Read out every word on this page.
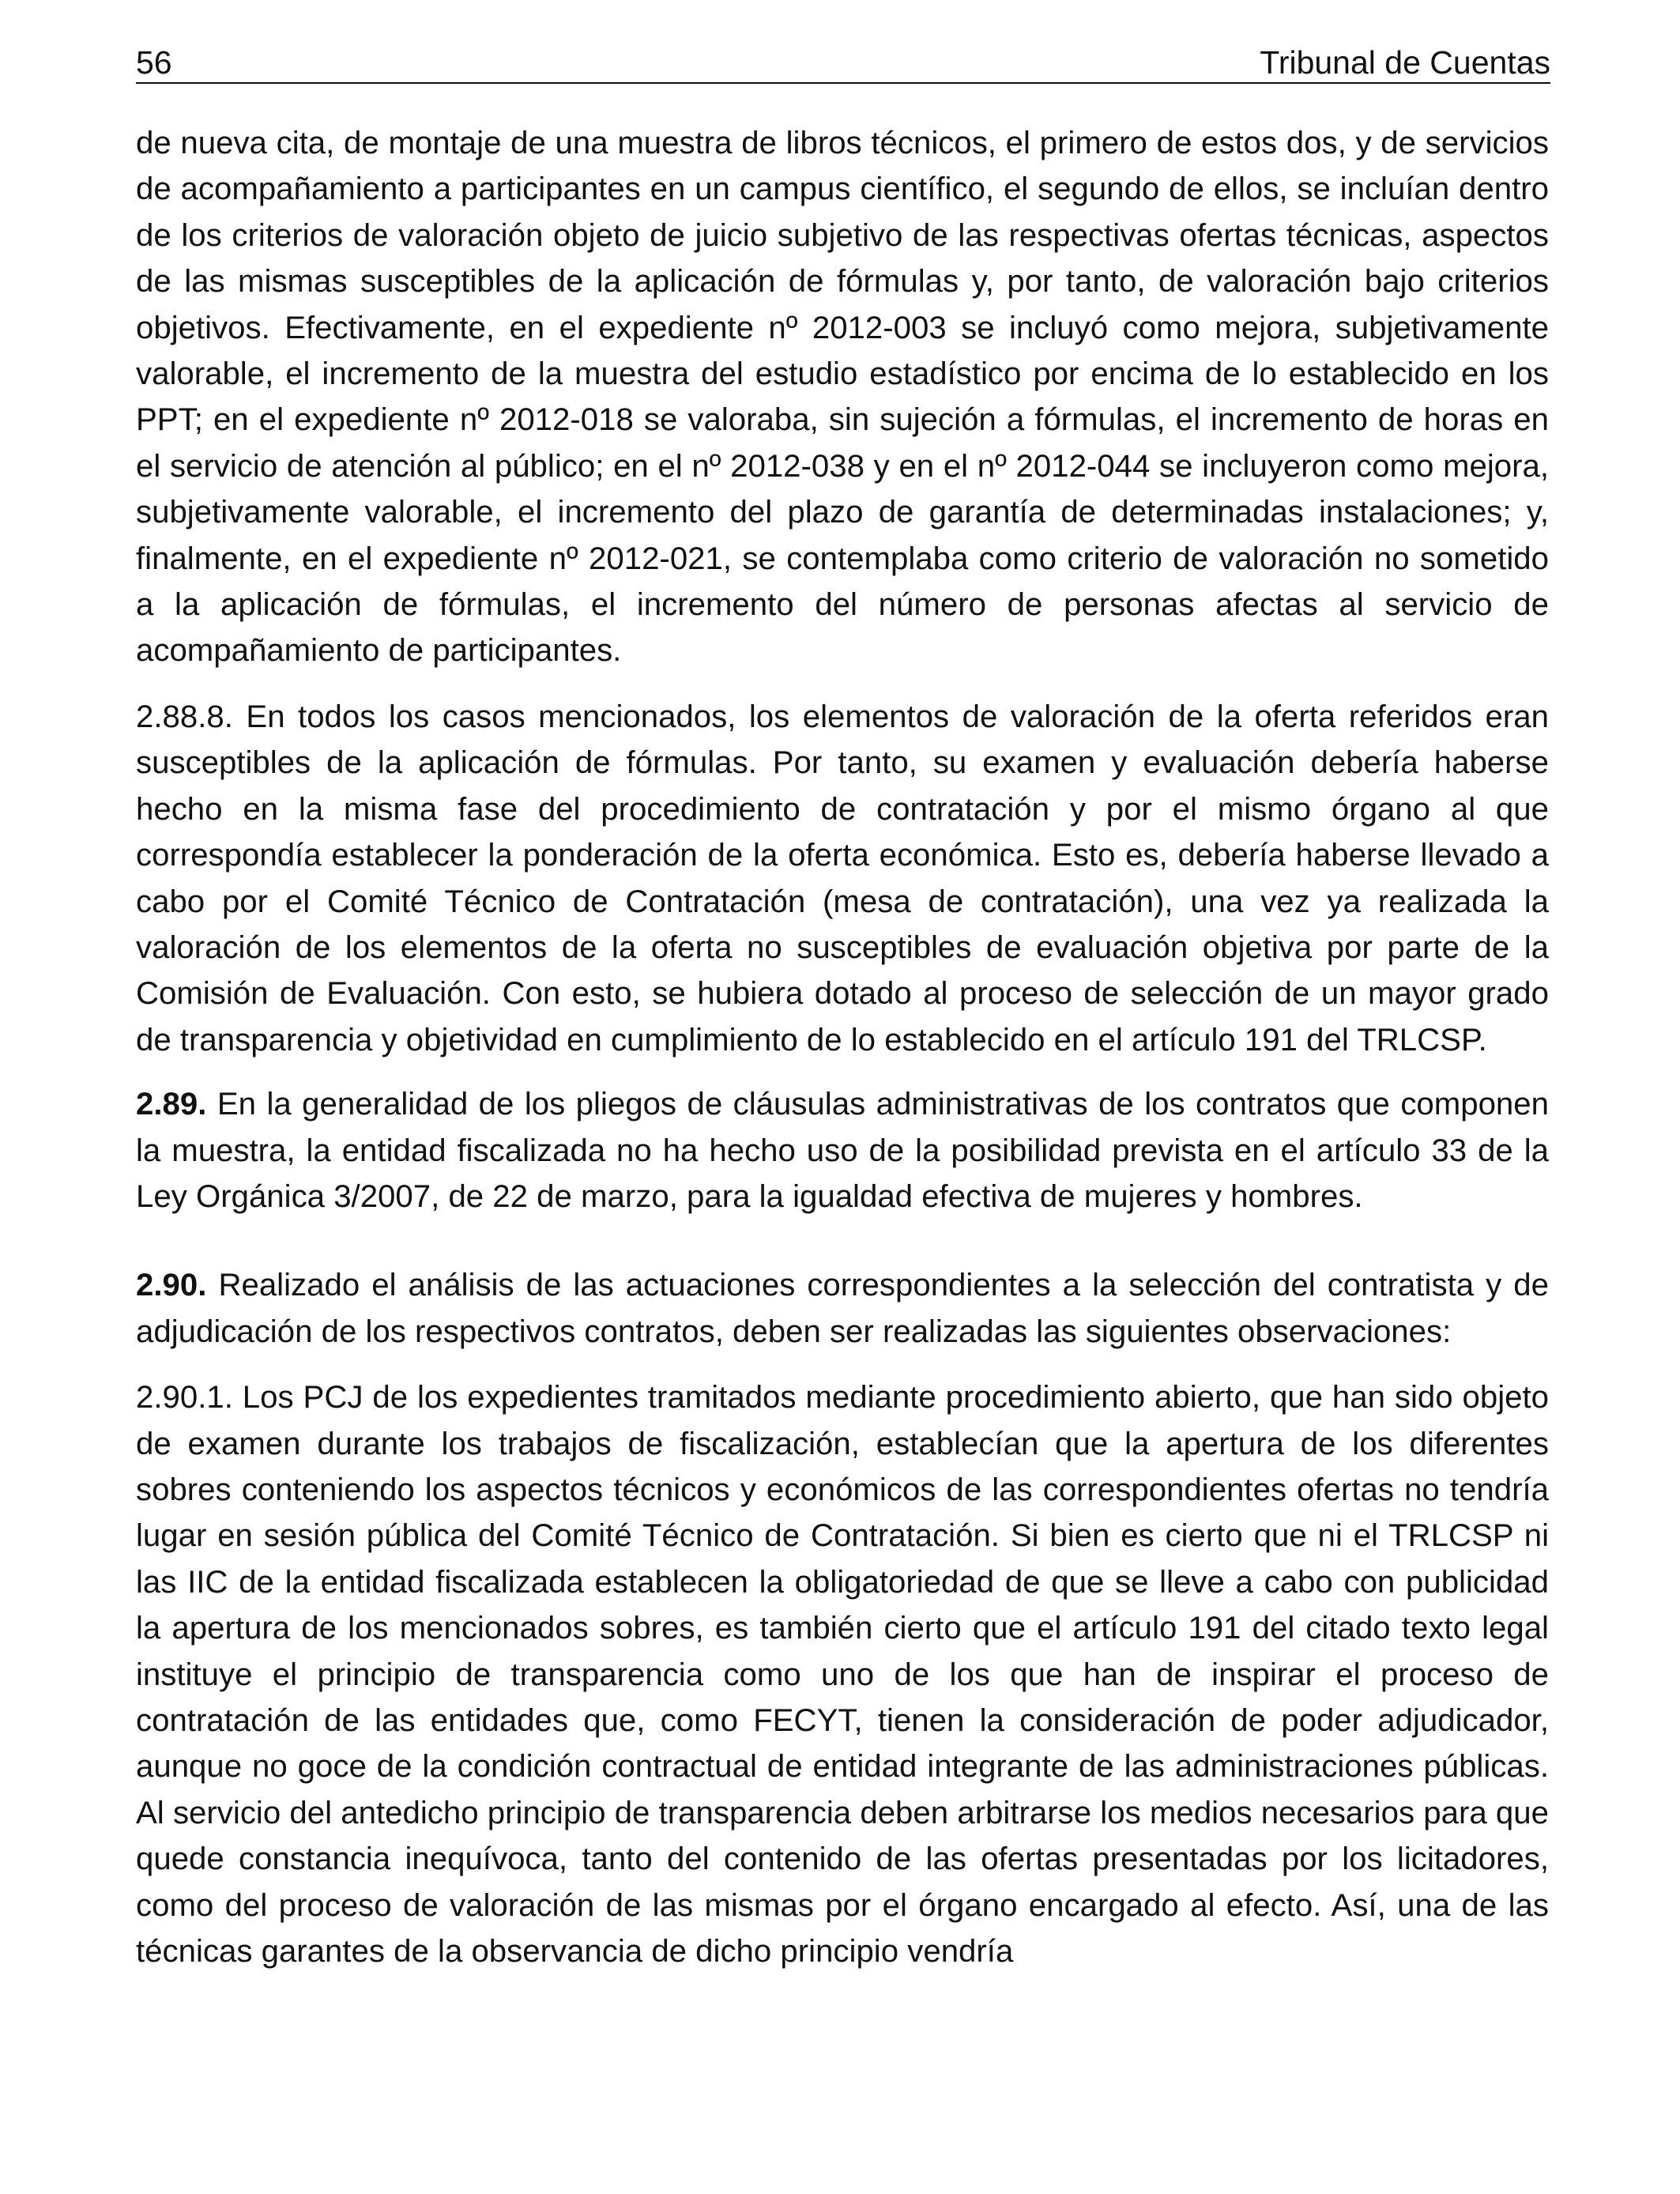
56	Tribunal de Cuentas

de nueva cita, de montaje de una muestra de libros técnicos, el primero de estos dos, y de servicios de acompañamiento a participantes en un campus científico, el segundo de ellos, se incluían dentro de los criterios de valoración objeto de juicio subjetivo de las respectivas ofertas técnicas, aspectos de las mismas susceptibles de la aplicación de fórmulas y, por tanto, de valoración bajo criterios objetivos. Efectivamente, en el expediente nº 2012-003 se incluyó como mejora, subjetivamente valorable, el incremento de la muestra del estudio estadístico por encima de lo establecido en los PPT; en el expediente nº 2012-018 se valoraba, sin sujeción a fórmulas, el incremento de horas en el servicio de atención al público; en el nº 2012-038 y en el nº 2012-044 se incluyeron como mejora, subjetivamente valorable, el incremento del plazo de garantía de determinadas instalaciones; y, finalmente, en el expediente nº 2012-021, se contemplaba como criterio de valoración no sometido a la aplicación de fórmulas, el incremento del número de personas afectas al servicio de acompañamiento de participantes.

2.88.8. En todos los casos mencionados, los elementos de valoración de la oferta referidos eran susceptibles de la aplicación de fórmulas. Por tanto, su examen y evaluación debería haberse hecho en la misma fase del procedimiento de contratación y por el mismo órgano al que correspondía establecer la ponderación de la oferta económica. Esto es, debería haberse llevado a cabo por el Comité Técnico de Contratación (mesa de contratación), una vez ya realizada la valoración de los elementos de la oferta no susceptibles de evaluación objetiva por parte de la Comisión de Evaluación. Con esto, se hubiera dotado al proceso de selección de un mayor grado de transparencia y objetividad en cumplimiento de lo establecido en el artículo 191 del TRLCSP.

2.89. En la generalidad de los pliegos de cláusulas administrativas de los contratos que componen la muestra, la entidad fiscalizada no ha hecho uso de la posibilidad prevista en el artículo 33 de la Ley Orgánica 3/2007, de 22 de marzo, para la igualdad efectiva de mujeres y hombres.

2.90. Realizado el análisis de las actuaciones correspondientes a la selección del contratista y de adjudicación de los respectivos contratos, deben ser realizadas las siguientes observaciones:

2.90.1. Los PCJ de los expedientes tramitados mediante procedimiento abierto, que han sido objeto de examen durante los trabajos de fiscalización, establecían que la apertura de los diferentes sobres conteniendo los aspectos técnicos y económicos de las correspondientes ofertas no tendría lugar en sesión pública del Comité Técnico de Contratación. Si bien es cierto que ni el TRLCSP ni las IIC de la entidad fiscalizada establecen la obligatoriedad de que se lleve a cabo con publicidad la apertura de los mencionados sobres, es también cierto que el artículo 191 del citado texto legal instituye el principio de transparencia como uno de los que han de inspirar el proceso de contratación de las entidades que, como FECYT, tienen la consideración de poder adjudicador, aunque no goce de la condición contractual de entidad integrante de las administraciones públicas. Al servicio del antedicho principio de transparencia deben arbitrarse los medios necesarios para que quede constancia inequívoca, tanto del contenido de las ofertas presentadas por los licitadores, como del proceso de valoración de las mismas por el órgano encargado al efecto. Así, una de las técnicas garantes de la observancia de dicho principio vendría
